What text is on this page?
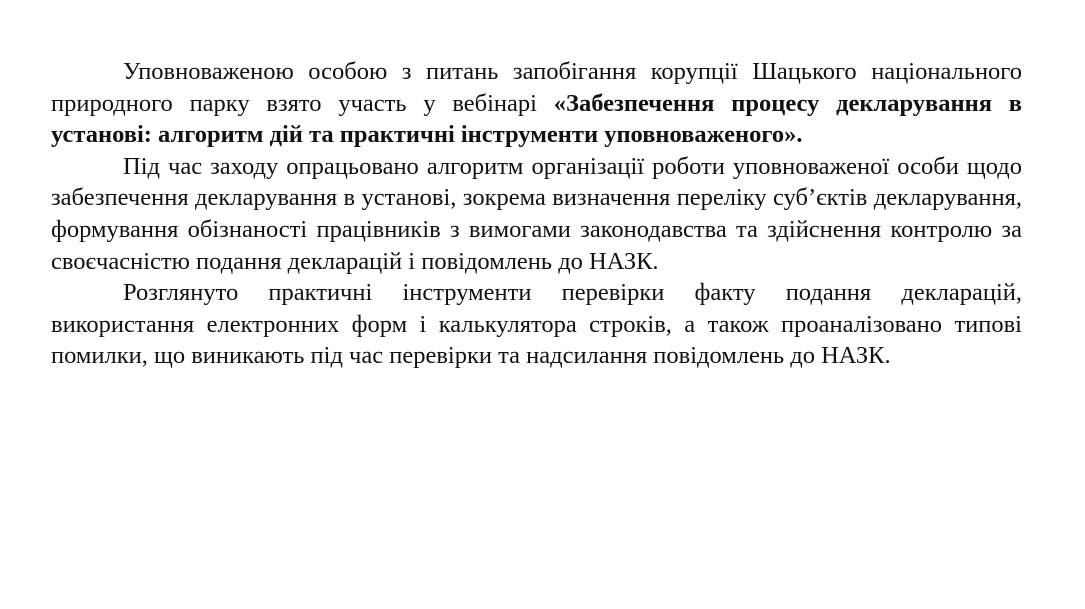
Уповноваженою особою з питань запобігання корупції Шацького національного природного парку взято участь у вебінарі «Забезпечення процесу декларування в установі: алгоритм дій та практичні інструменти уповноваженого».

Під час заходу опрацьовано алгоритм організації роботи уповноваженої особи щодо забезпечення декларування в установі, зокрема визначення переліку суб’єктів декларування, формування обізнаності працівників з вимогами законодавства та здійснення контролю за своєчасністю подання декларацій і повідомлень до НАЗК.

Розглянуто практичні інструменти перевірки факту подання декларацій, використання електронних форм і калькулятора строків, а також проаналізовано типові помилки, що виникають під час перевірки та надсилання повідомлень до НАЗК.
